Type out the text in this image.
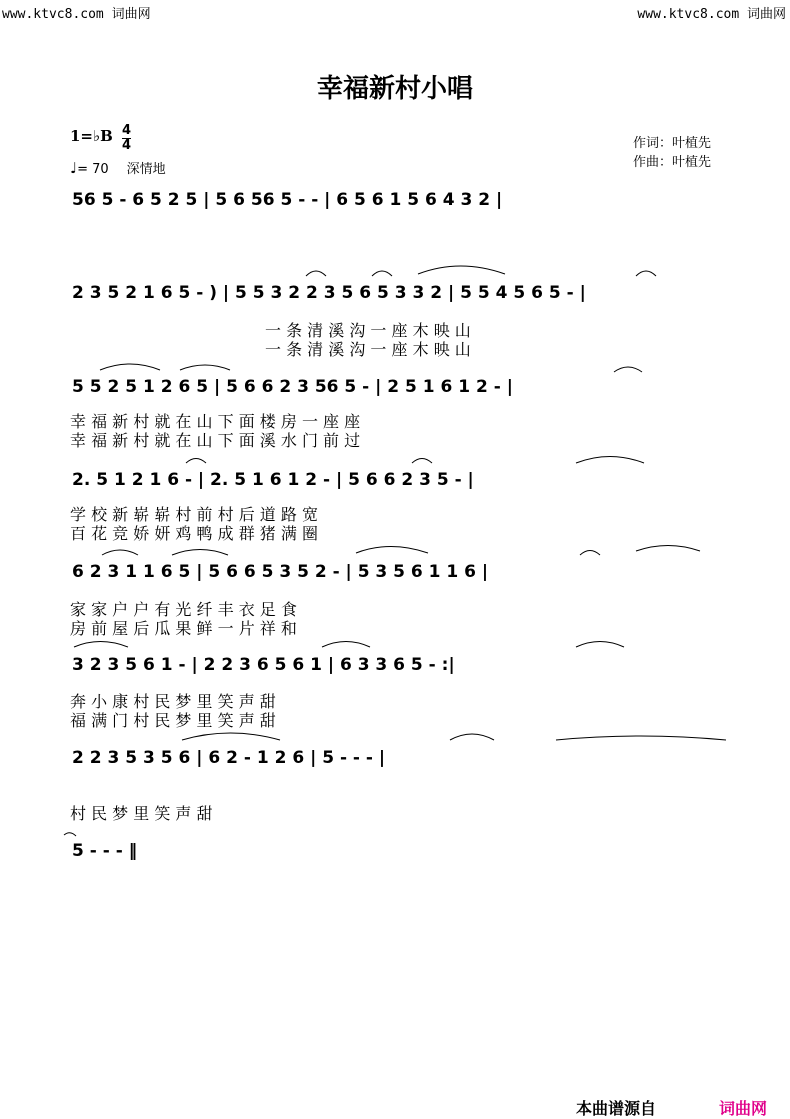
www.ktvc8.com 词曲网	www.ktvc8.com 词曲网
幸福新村小唱
1=♭B 4
4
♩= 70 深情地
作词：叶植先
作曲：叶植先
56 5 - 6 5 2 5 | 5 6 56 5 - - | 6 5 6 1 5 6 4 3 2 |
2 3 5 2 1 6 5 - ) | 5 5 3 2 2 3 5 6 5 3 3 2 | 5 5 4 5 6 5 - |
一 条 清 溪 沟 一 座 木 映 山
一 条 清 溪 沟 一 座 木 映 山
5 5 2 5 1 2 6 5 | 5 6 6 2 3 56 5 - | 2 5 1 6 1 2 - |
幸 福 新 村 就 在 山 下 面 楼 房 一 座 座
幸 福 新 村 就 在 山 下 面 溪 水 门 前 过
2. 5 1 2 1 6 - | 2. 5 1 6 1 2 - | 5 6 6 2 3 5 - |
学 校 新 崭 崭 村 前 村 后 道 路 宽
百 花 竞 娇 妍 鸡 鸭 成 群 猪 满 圈
6 2 3 1 1 6 5 | 5 6 6 5 3 5 2 - | 5 3 5 6 1 1 6 |
家 家 户 户 有 光 纤 丰 衣 足 食
房 前 屋 后 瓜 果 鲜 一 片 祥 和
3 2 3 5 6 1 - | 2 2 3 6 5 6 1 | 6 3 3 6 5 - :|
奔 小 康 村 民 梦 里 笑 声 甜
福 满 门 村 民 梦 里 笑 声 甜
2 2 3 5 3 5 6 | 6 2 - 1 2 6 | 5 - - - |
村 民 梦 里 笑 声 甜
5 - - - ‖
本曲谱源自	词曲网
